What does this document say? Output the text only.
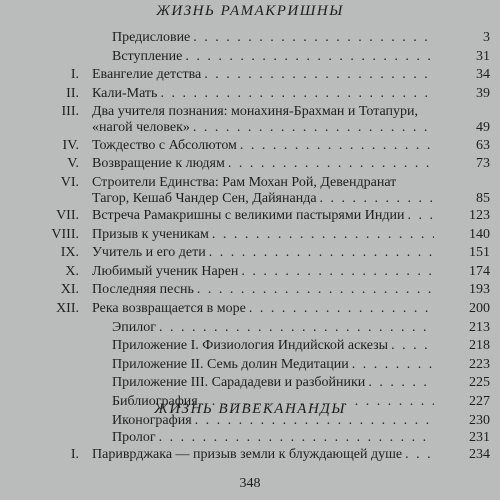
ЖИЗНЬ РАМАКРИШНЫ
Предисловие . . .	3
Вступление . . .	31
I. Евангелие детства . . .	34
II. Кали-Мать . . .	39
III. Два учителя познания: монахиня-Брахман и Тотапури,
«нагой человек» . . .	49
IV. Тождество с Абсолютом . . .	63
V. Возвращение к людям . . .	73
VI. Строители Единства: Рам Мохан Рой, Девендранат
Тагор, Кешаб Чандер Сен, Дайянанда . . .	85
VII. Встреча Рамакришны с великими пастырями Индии . . .	123
VIII. Призыв к ученикам . . .	140
IX. Учитель и его дети . . .	151
X. Любимый ученик Нарен . . .	174
XI. Последняя песнь . . .	193
XII. Река возвращается в море . . .	200
Эпилог . . .	213
Приложение I. Физиология Индийской аскезы . . .	218
Приложение II. Семь долин Медитации . . .	223
Приложение III. Сарададеви и разбойники . . .	225
Библиография . . .	227
Иконография . . .	230
ЖИЗНЬ ВИВЕКАНАНДЫ
Пролог . . .	231
I. Париврджака — призыв земли к блуждающей душе . . .	234
348
